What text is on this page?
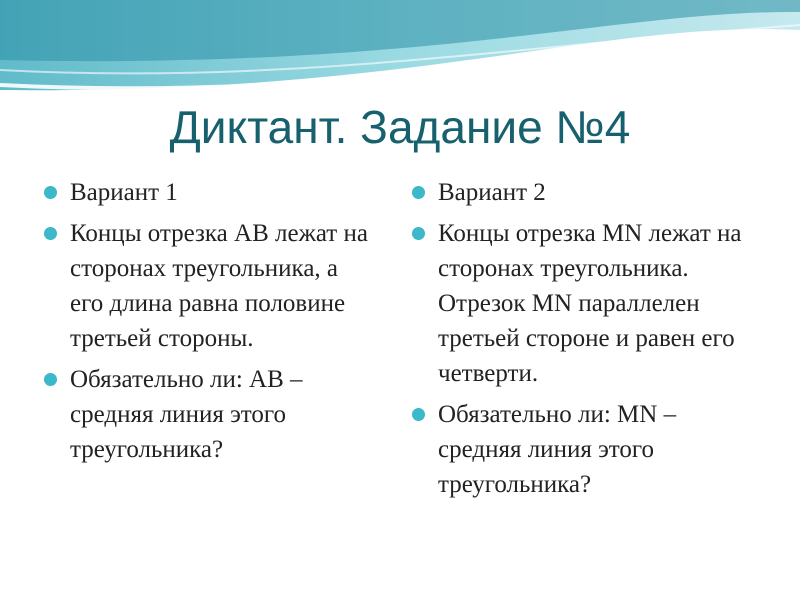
Диктант. Задание №4
Вариант 1
Концы отрезка АВ лежат на сторонах треугольника, а его длина равна половине третьей стороны.
Обязательно ли: АВ – средняя линия этого треугольника?
Вариант 2
Концы отрезка MN лежат на сторонах треугольника. Отрезок MN параллелен третьей стороне и равен его четверти.
Обязательно ли: MN – средняя линия этого треугольника?
